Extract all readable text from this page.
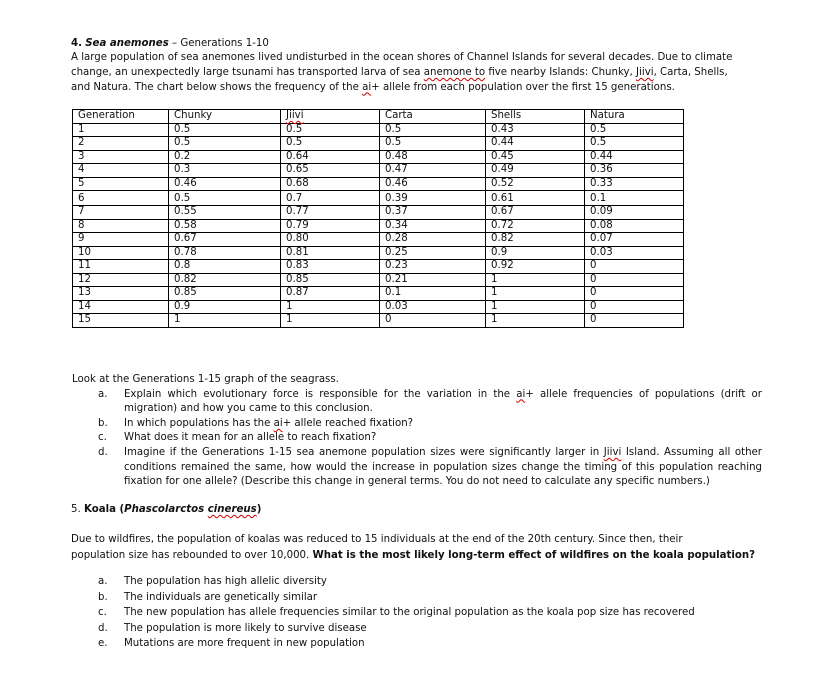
4. Sea anemones – Generations 1-10
A large population of sea anemones lived undisturbed in the ocean shores of Channel Islands for several decades. Due to climate
change, an unexpectedly large tsunami has transported larva of sea anemone to five nearby Islands: Chunky, Jiivi, Carta, Shells,
and Natura. The chart below shows the frequency of the ai+ allele from each population over the first 15 generations.
Generation	Chunky	Jiivi	Carta	Shells	Natura
1	0.5	0.5	0.5	0.43	0.5
2	0.5	0.5	0.5	0.44	0.5
3	0.2	0.64	0.48	0.45	0.44
4	0.3	0.65	0.47	0.49	0.36
5	0.46	0.68	0.46	0.52	0.33
6	0.5	0.7	0.39	0.61	0.1
7	0.55	0.77	0.37	0.67	0.09
8	0.58	0.79	0.34	0.72	0.08
9	0.67	0.80	0.28	0.82	0.07
10	0.78	0.81	0.25	0.9	0.03
11	0.8	0.83	0.23	0.92	0
12	0.82	0.85	0.21	1	0
13	0.85	0.87	0.1	1	0
14	0.9	1	0.03	1	0
15	1	1	0	1	0
Look at the Generations 1-15 graph of the seagrass.
a.	Explain which evolutionary force is responsible for the variation in the ai+ allele frequencies of populations (drift or migration) and how you came to this conclusion.
b.	In which populations has the ai+ allele reached fixation?
c.	What does it mean for an allele to reach fixation?
d.	Imagine if the Generations 1-15 sea anemone population sizes were significantly larger in Jiivi Island. Assuming all other conditions remained the same, how would the increase in population sizes change the timing of this population reaching fixation for one allele? (Describe this change in general terms. You do not need to calculate any specific numbers.)
5. Koala (Phascolarctos cinereus)
Due to wildfires, the population of koalas was reduced to 15 individuals at the end of the 20th century. Since then, their
population size has rebounded to over 10,000. What is the most likely long-term effect of wildfires on the koala population?
a.	The population has high allelic diversity
b.	The individuals are genetically similar
c.	The new population has allele frequencies similar to the original population as the koala pop size has recovered
d.	The population is more likely to survive disease
e.	Mutations are more frequent in new population
